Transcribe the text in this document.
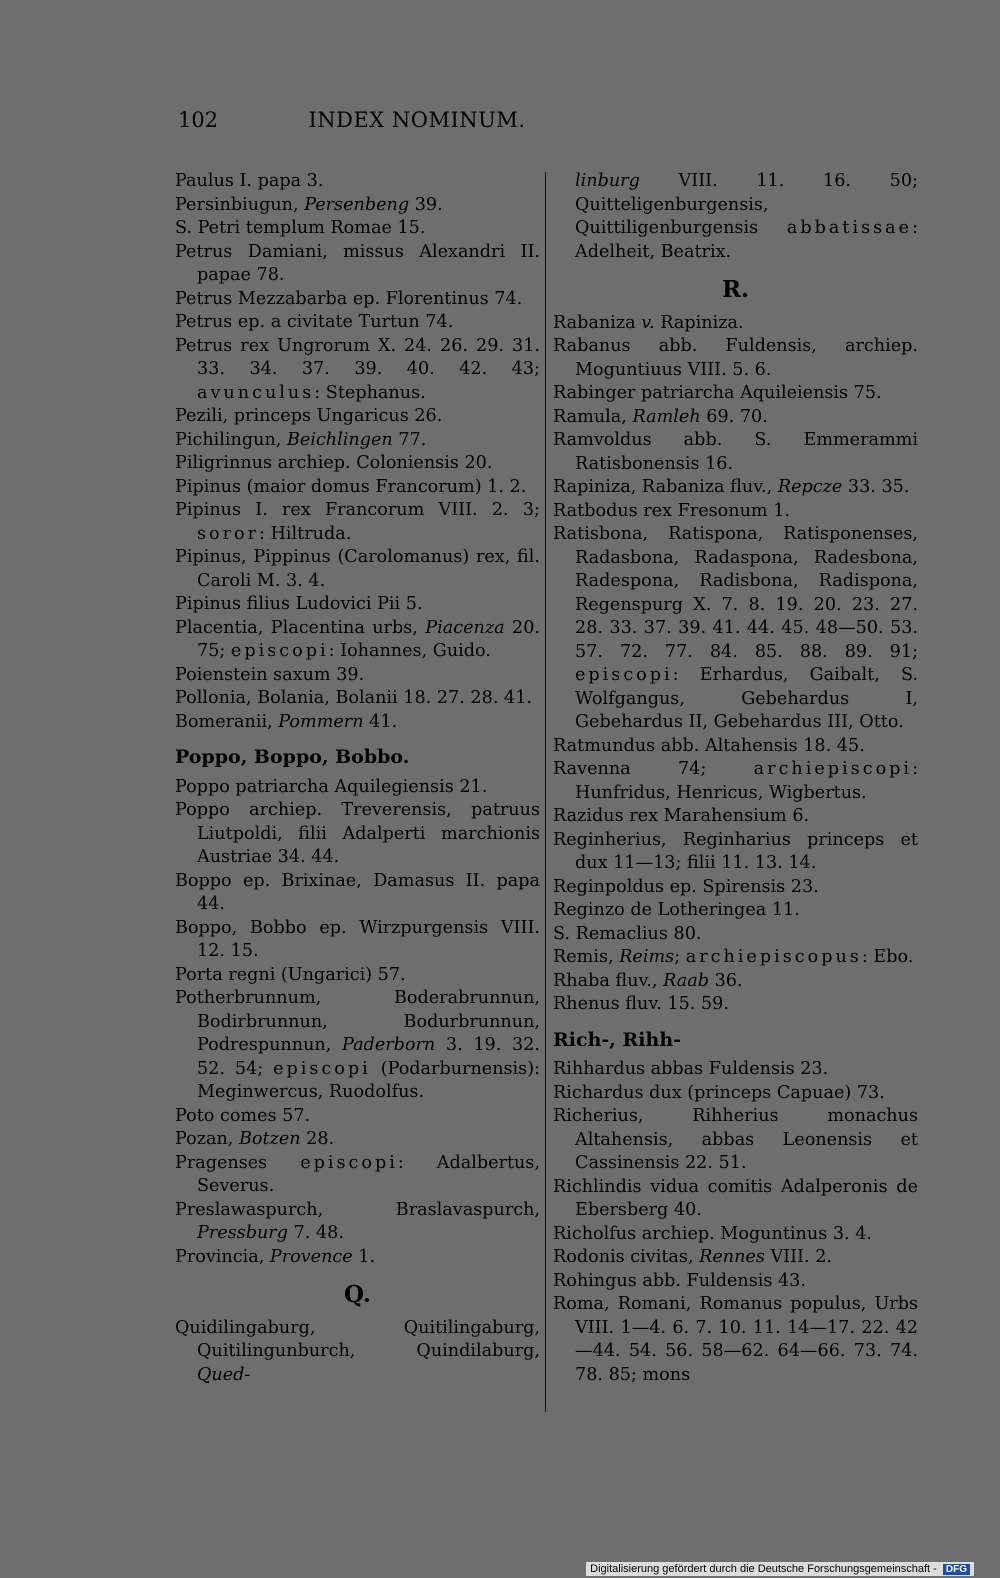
102	INDEX NOMINUM.

Paulus I. papa 3.

Persinbiugun, Persenbeng 39.

S. Petri templum Romae 15.

Petrus Damiani, missus Alexandri II. papae 78.

Petrus Mezzabarba ep. Florentinus 74.

Petrus ep. a civitate Turtun 74.

Petrus rex Ungrorum X. 24. 26. 29. 31. 33. 34. 37. 39. 40. 42. 43; avunculus: Stephanus.

Pezili, princeps Ungaricus 26.

Pichilingun, Beichlingen 77.

Piligrinnus archiep. Coloniensis 20.

Pipinus (maior domus Francorum) 1. 2.

Pipinus I. rex Francorum VIII. 2. 3; soror: Hiltruda.

Pipinus, Pippinus (Carolomanus) rex, fil. Caroli M. 3. 4.

Pipinus filius Ludovici Pii 5.

Placentia, Placentina urbs, Piacenza 20. 75; episcopi: Iohannes, Guido.

Poienstein saxum 39.

Pollonia, Bolania, Bolanii 18. 27. 28. 41.

Bomeranii, Pommern 41.

Poppo, Boppo, Bobbo.

Poppo patriarcha Aquilegiensis 21.

Poppo archiep. Treverensis, patruus Liutpoldi, filii Adalperti marchionis Austriae 34. 44.

Boppo ep. Brixinae, Damasus II. papa 44.

Boppo, Bobbo ep. Wirzpurgensis VIII. 12. 15.

Porta regni (Ungarici) 57.

Potherbrunnum, Boderabrunnun, Bodirbrunnun, Bodurbrunnun, Podrespunnun, Paderborn 3. 19. 32. 52. 54; episcopi (Podarburnensis): Meginwercus, Ruodolfus.

Poto comes 57.

Pozan, Botzen 28.

Pragenses episcopi: Adalbertus, Severus.

Preslawaspurch, Braslavaspurch, Pressburg 7. 48.

Provincia, Provence 1.

Q.

Quidilingaburg, Quitilingaburg, Quitilingunburch, Quindilaburg, Qued-

linburg VIII. 11. 16. 50; Quitteligenburgensis, Quittiligenburgensis abbatissae: Adelheit, Beatrix.

R.

Rabaniza v. Rapiniza.

Rabanus abb. Fuldensis, archiep. Moguntiuus VIII. 5. 6.

Rabinger patriarcha Aquileiensis 75.

Ramula, Ramleh 69. 70.

Ramvoldus abb. S. Emmerammi Ratisbonensis 16.

Rapiniza, Rabaniza fluv., Repcze 33. 35.

Ratbodus rex Fresonum 1.

Ratisbona, Ratispona, Ratisponenses, Radasbona, Radaspona, Radesbona, Radespona, Radisbona, Radispona, Regenspurg X. 7. 8. 19. 20. 23. 27. 28. 33. 37. 39. 41. 44. 45. 48—50. 53. 57. 72. 77. 84. 85. 88. 89. 91; episcopi: Erhardus, Gaibalt, S. Wolfgangus, Gebehardus I, Gebehardus II, Gebehardus III, Otto.

Ratmundus abb. Altahensis 18. 45.

Ravenna 74; archiepiscopi: Hunfridus, Henricus, Wigbertus.

Razidus rex Marahensium 6.

Reginherius, Reginharius princeps et dux 11—13; filii 11. 13. 14.

Reginpoldus ep. Spirensis 23.

Reginzo de Lotheringea 11.

S. Remaclius 80.

Remis, Reims; archiepiscopus: Ebo.

Rhaba fluv., Raab 36.

Rhenus fluv. 15. 59.

Rich-, Rihh-

Rihhardus abbas Fuldensis 23.

Richardus dux (princeps Capuae) 73.

Richerius, Rihherius monachus Altahensis, abbas Leonensis et Cassinensis 22. 51.

Richlindis vidua comitis Adalperonis de Ebersberg 40.

Richolfus archiep. Moguntinus 3. 4.

Rodonis civitas, Rennes VIII. 2.

Rohingus abb. Fuldensis 43.

Roma, Romani, Romanus populus, Urbs VIII. 1—4. 6. 7. 10. 11. 14—17. 22. 42—44. 54. 56. 58—62. 64—66. 73. 74. 78. 85; mons

Digitalisierung gefördert durch die Deutsche Forschungsgemeinschaft - DFG
